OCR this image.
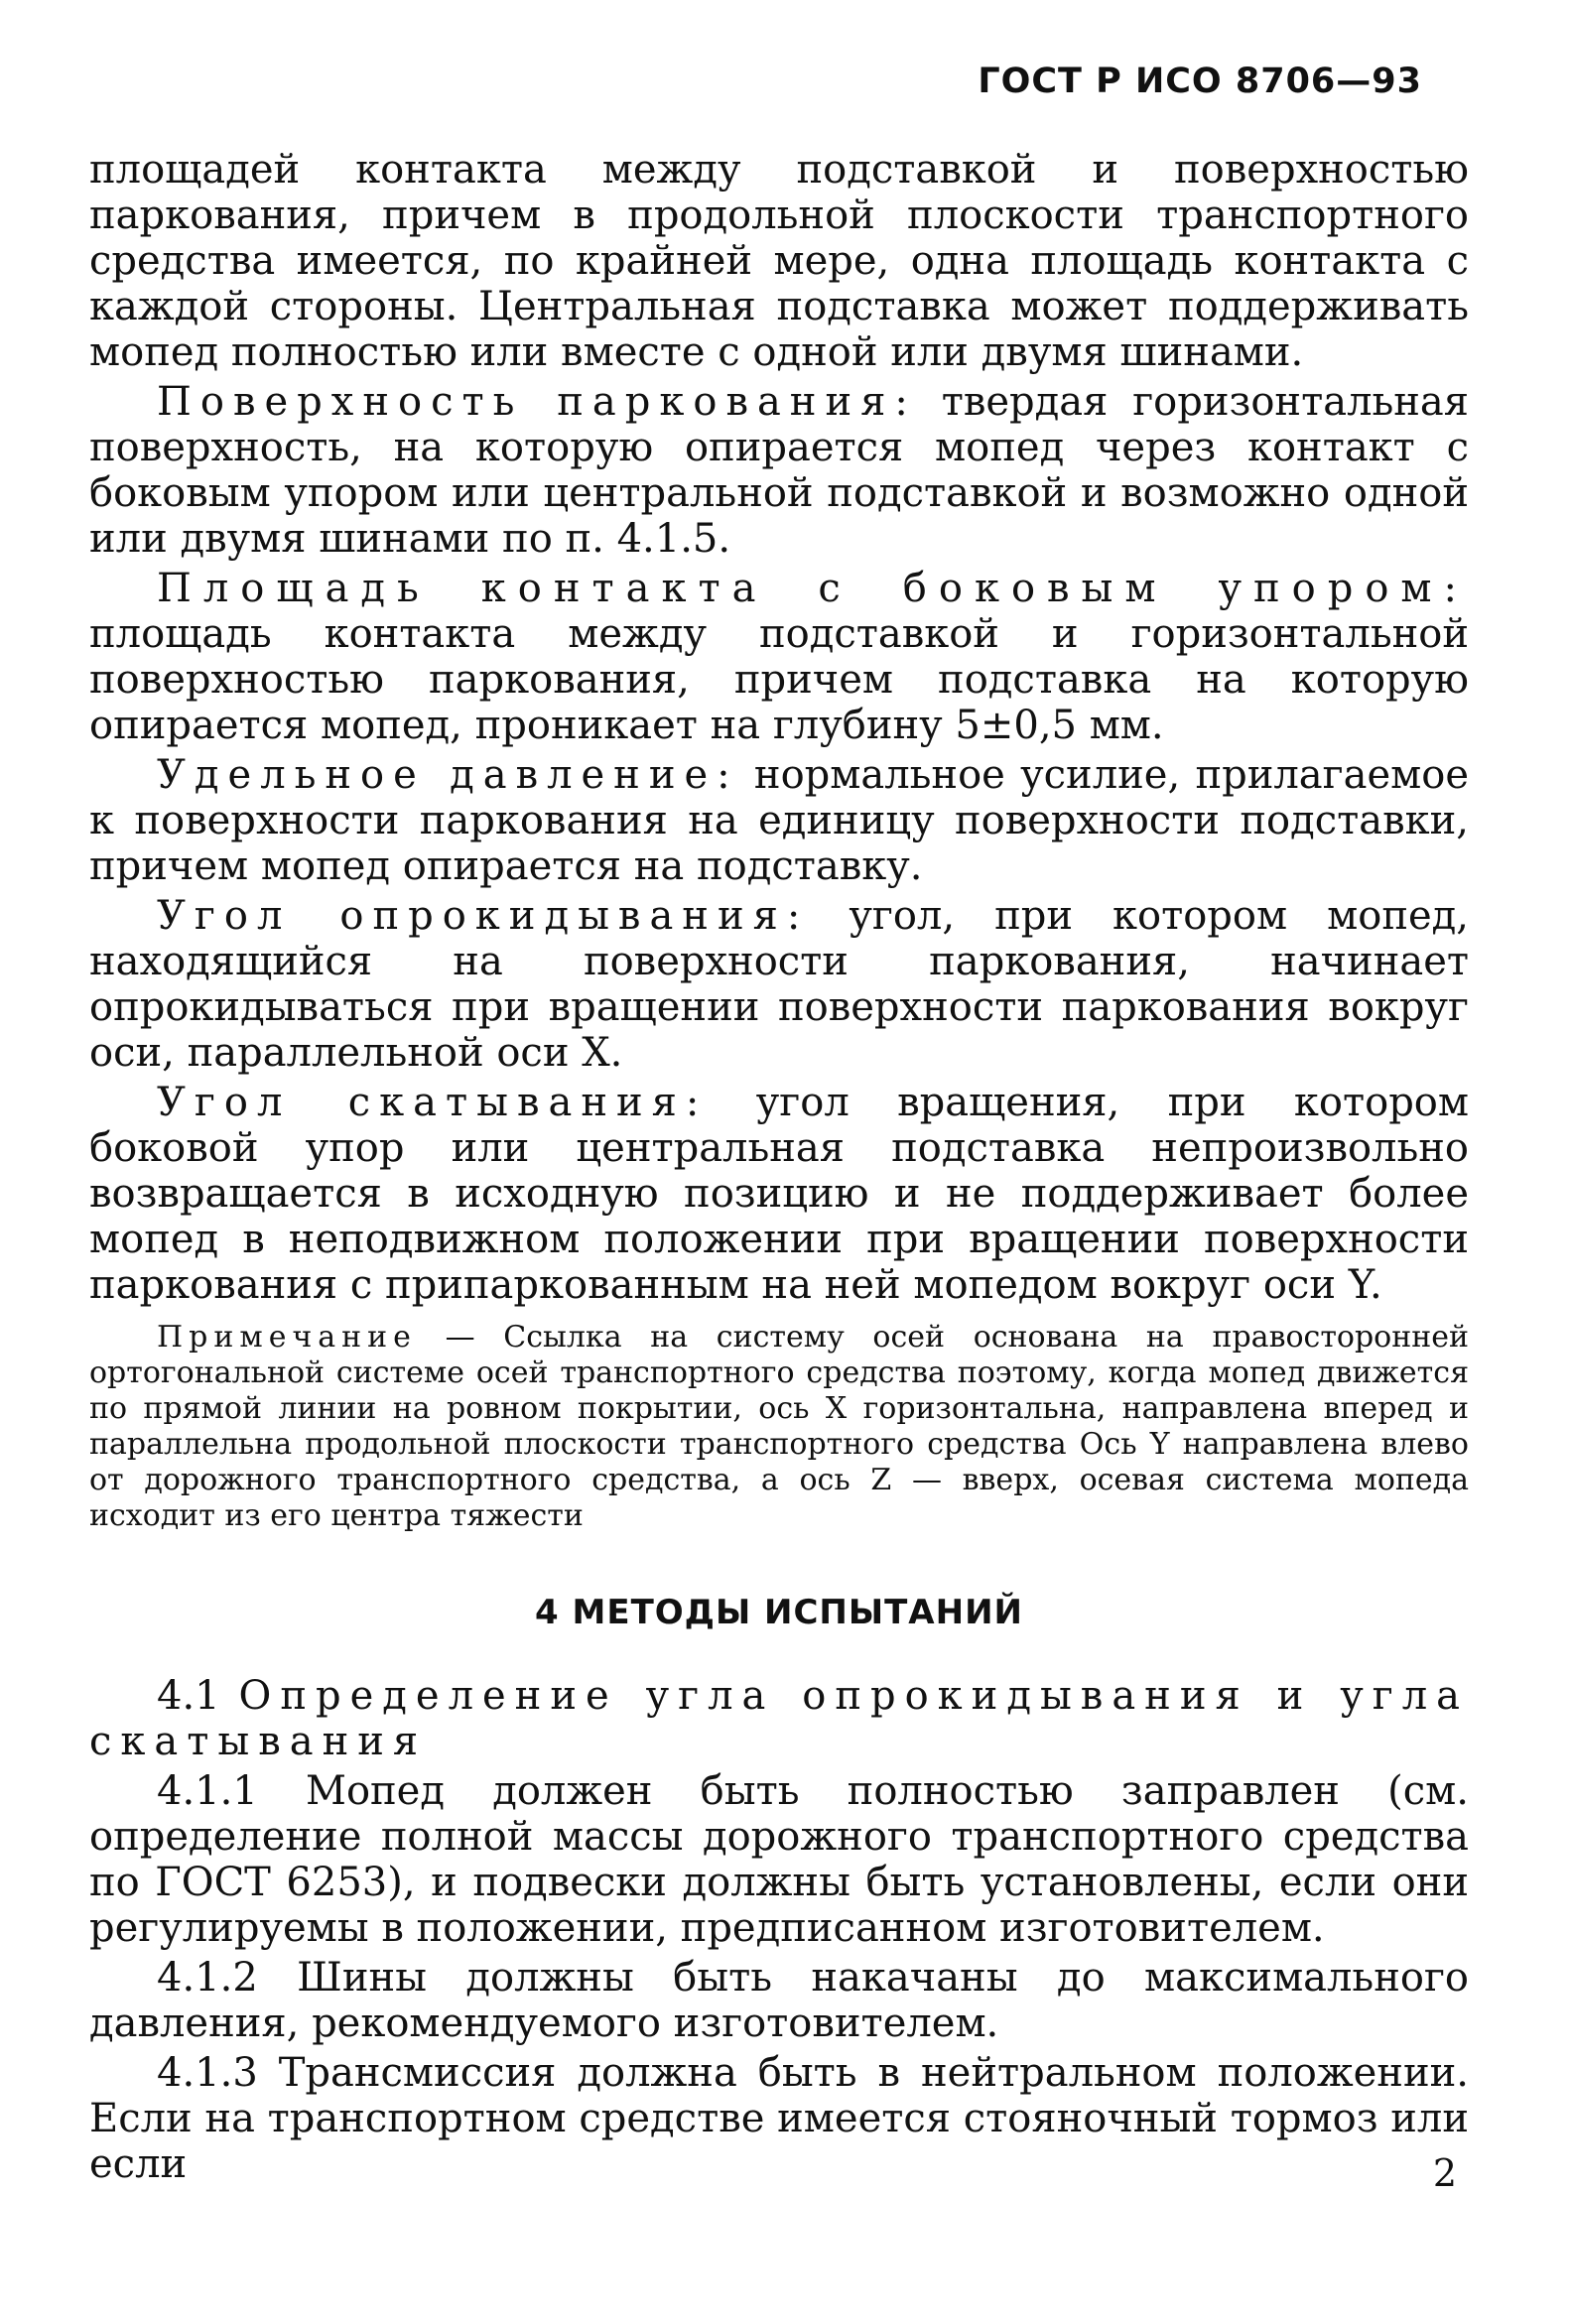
ГОСТ Р ИСО 8706—93

площадей контакта между подставкой и поверхностью паркования, причем в продольной плоскости транспортного средства имеется, по крайней мере, одна площадь контакта с каждой стороны. Центральная подставка может поддерживать мопед полностью или вместе с одной или двумя шинами.

Поверхность паркования: твердая горизонтальная поверхность, на которую опирается мопед через контакт с боковым упором или центральной подставкой и возможно одной или двумя шинами по п. 4.1.5.

Площадь контакта с боковым упором: площадь контакта между подставкой и горизонтальной поверхностью паркования, причем подставка на которую опирается мопед, проникает на глубину 5±0,5 мм.

Удельное давление: нормальное усилие, прилагаемое к поверхности паркования на единицу поверхности подставки, причем мопед опирается на подставку.

Угол опрокидывания: угол, при котором мопед, находящийся на поверхности паркования, начинает опрокидываться при вращении поверхности паркования вокруг оси, параллельной оси X.

Угол скатывания: угол вращения, при котором боковой упор или центральная подставка непроизвольно возвращается в исходную позицию и не поддерживает более мопед в неподвижном положении при вращении поверхности паркования с припаркованным на ней мопедом вокруг оси Y.

Примечание — Ссылка на систему осей основана на правосторонней ортогональной системе осей транспортного средства поэтому, когда мопед движется по прямой линии на ровном покрытии, ось X горизонтальна, направлена вперед и параллельна продольной плоскости транспортного средства Ось Y направлена влево от дорожного транспортного средства, а ось Z — вверх, осевая система мопеда исходит из его центра тяжести

4 МЕТОДЫ ИСПЫТАНИЙ

4.1 Определение угла опрокидывания и угла скатывания

4.1.1 Мопед должен быть полностью заправлен (см. определение полной массы дорожного транспортного средства по ГОСТ 6253), и подвески должны быть установлены, если они регулируемы в положении, предписанном изготовителем.

4.1.2 Шины должны быть накачаны до максимального давления, рекомендуемого изготовителем.

4.1.3 Трансмиссия должна быть в нейтральном положении. Если на транспортном средстве имеется стояночный тормоз или если	2
